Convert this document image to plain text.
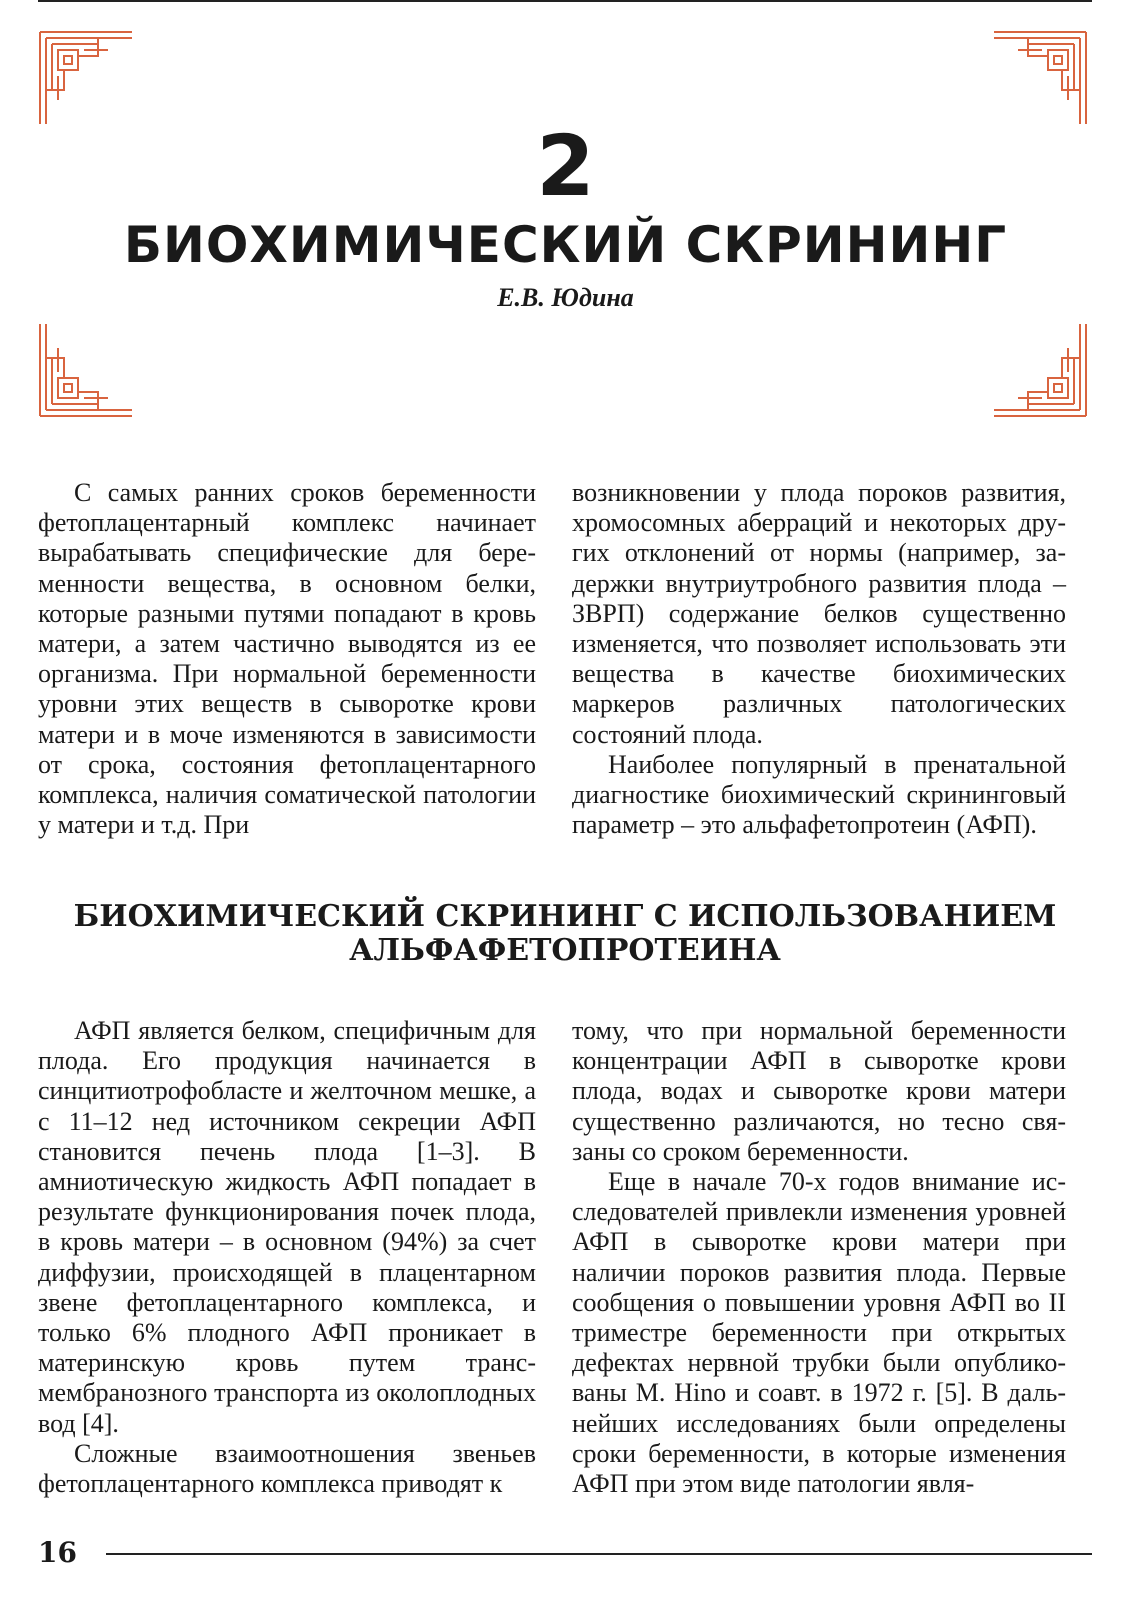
2
БИОХИМИЧЕСКИЙ СКРИНИНГ
Е.В. Юдина

С самых ранних сроков беременности фетоплацентарный комплекс начинает вырабатывать специфические для беременности вещества, в основном белки, которые разными путями попадают в кровь матери, а затем частично выводятся из ее организма. При нормальной беременности уровни этих веществ в сыворотке крови матери и в моче изменяются в зависимости от срока, состояния фетоплацентарного комплекса, наличия соматической патологии у матери и т.д. При

возникновении у плода пороков развития, хромосомных аберраций и некоторых других отклонений от нормы (например, задержки внутриутробного развития плода – ЗВРП) содержание белков существенно изменяется, что позволяет использовать эти вещества в качестве биохимических маркеров различных патологических состояний плода.

Наиболее популярный в пренатальной диагностике биохимический скрининговый параметр – это альфафетопротеин (АФП).

БИОХИМИЧЕСКИЙ СКРИНИНГ С ИСПОЛЬЗОВАНИЕМ
АЛЬФАФЕТОПРОТЕИНА

АФП является белком, специфичным для плода. Его продукция начинается в синцитиотрофобласте и желточном мешке, а с 11–12 нед источником секреции АФП становится печень плода [1–3]. В амниотическую жидкость АФП попадает в результате функционирования почек плода, в кровь матери – в основном (94%) за счет диффузии, происходящей в плацентарном звене фетоплацентарного комплекса, и только 6% плодного АФП проникает в материнскую кровь путем трансмембранозного транспорта из околоплодных вод [4].

Сложные взаимоотношения звеньев фетоплацентарного комплекса приводят к

тому, что при нормальной беременности концентрации АФП в сыворотке крови плода, водах и сыворотке крови матери существенно различаются, но тесно связаны со сроком беременности.

Еще в начале 70-х годов внимание исследователей привлекли изменения уровней АФП в сыворотке крови матери при наличии пороков развития плода. Первые сообщения о повышении уровня АФП во II триместре беременности при открытых дефектах нервной трубки были опубликованы M. Hino и соавт. в 1972 г. [5]. В дальнейших исследованиях были определены сроки беременности, в которые изменения АФП при этом виде патологии явля-

16
